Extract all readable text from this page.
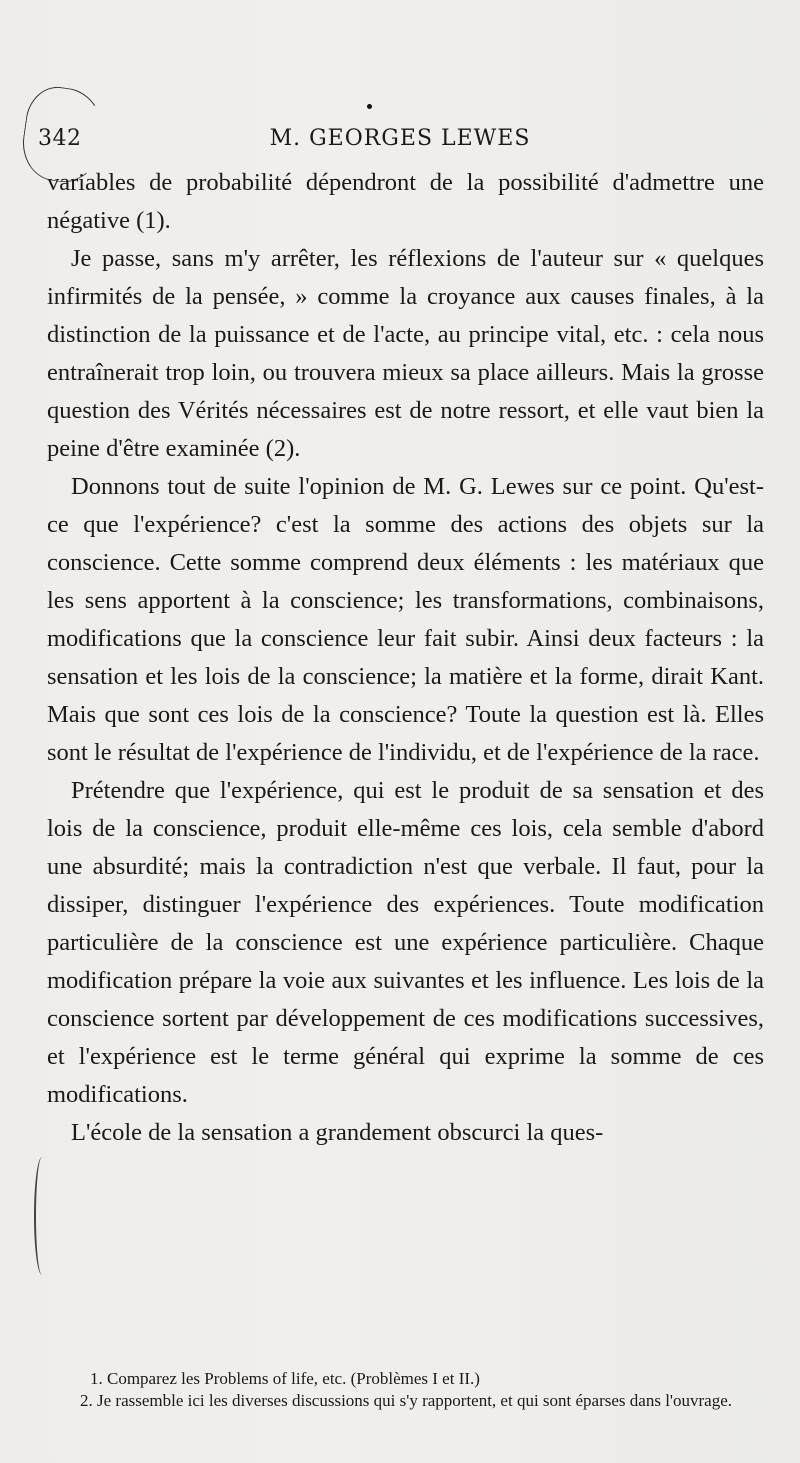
342	M. GEORGES LEWES

variables de probabilité dépendront de la possibilité d'admettre une négative (1).

Je passe, sans m'y arrêter, les réflexions de l'auteur sur « quelques infirmités de la pensée, » comme la croyance aux causes finales, à la distinction de la puissance et de l'acte, au principe vital, etc. : cela nous entraînerait trop loin, ou trouvera mieux sa place ailleurs. Mais la grosse question des Vérités nécessaires est de notre ressort, et elle vaut bien la peine d'être examinée (2).

Donnons tout de suite l'opinion de M. G. Lewes sur ce point. Qu'est-ce que l'expérience? c'est la somme des actions des objets sur la conscience. Cette somme comprend deux éléments : les matériaux que les sens apportent à la conscience; les transformations, combinaisons, modifications que la conscience leur fait subir. Ainsi deux facteurs : la sensation et les lois de la conscience; la matière et la forme, dirait Kant. Mais que sont ces lois de la conscience? Toute la question est là. Elles sont le résultat de l'expérience de l'individu, et de l'expérience de la race.

Prétendre que l'expérience, qui est le produit de sa sensation et des lois de la conscience, produit elle-même ces lois, cela semble d'abord une absurdité; mais la contradiction n'est que verbale. Il faut, pour la dissiper, distinguer l'expérience des expériences. Toute modification particulière de la conscience est une expérience particulière. Chaque modification prépare la voie aux suivantes et les influence. Les lois de la conscience sortent par développement de ces modifications successives, et l'expérience est le terme général qui exprime la somme de ces modifications.

L'école de la sensation a grandement obscurci la ques-

1. Comparez les Problems of life, etc. (Problèmes I et II.)

2. Je rassemble ici les diverses discussions qui s'y rapportent, et qui sont éparses dans l'ouvrage.
